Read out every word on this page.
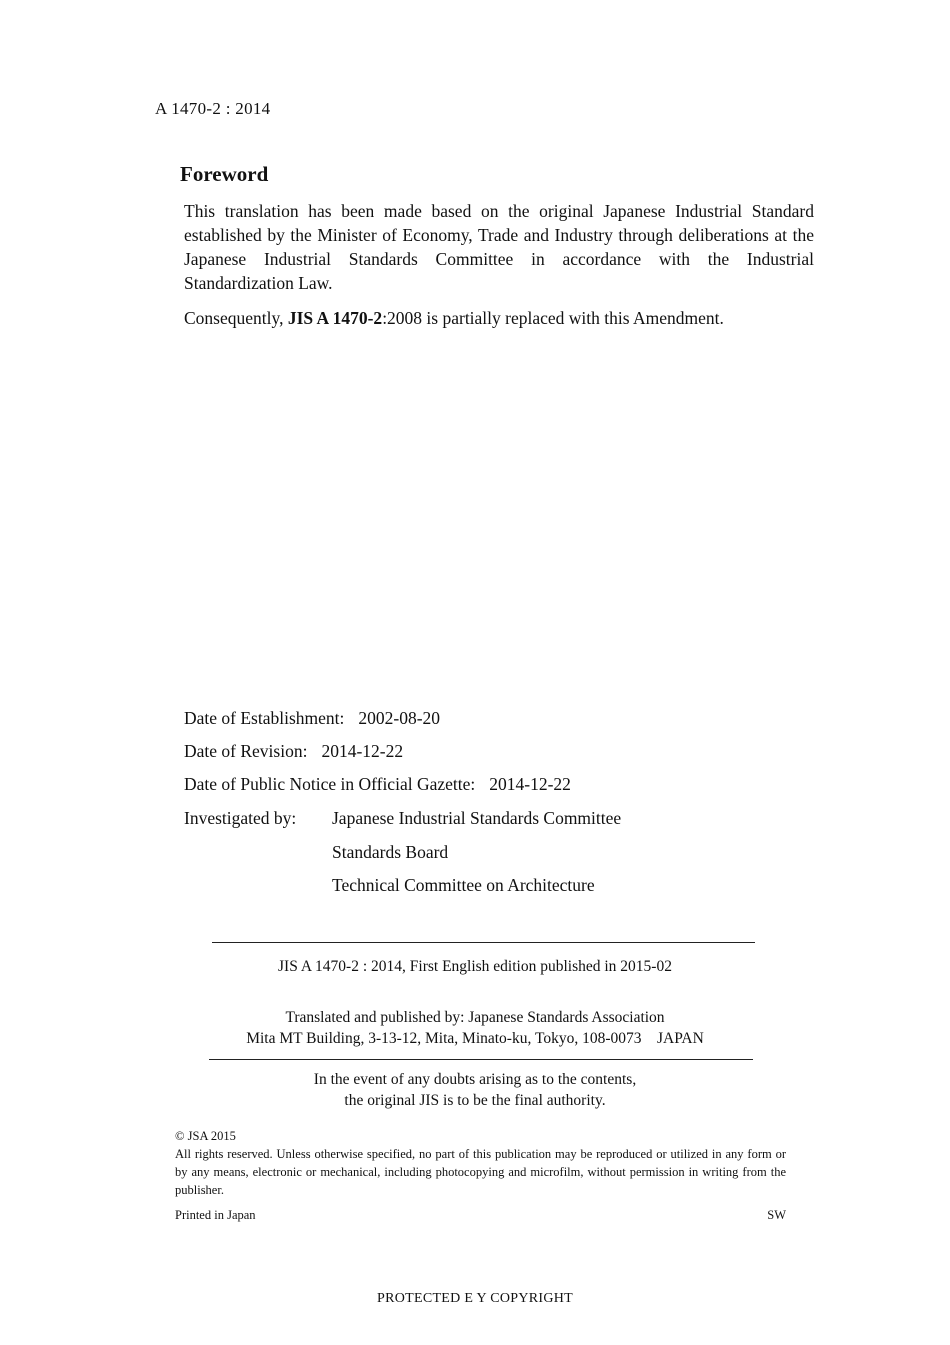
A 1470-2 : 2014
Foreword
This translation has been made based on the original Japanese Industrial Standard established by the Minister of Economy, Trade and Industry through deliberations at the Japanese Industrial Standards Committee in accordance with the Industrial Standardization Law.
Consequently, JIS A 1470-2:2008 is partially replaced with this Amendment.
Date of Establishment: 2002-08-20
Date of Revision: 2014-12-22
Date of Public Notice in Official Gazette: 2014-12-22
Investigated by: Japanese Industrial Standards Committee
Standards Board
Technical Committee on Architecture
JIS A 1470-2 : 2014, First English edition published in 2015-02
Translated and published by: Japanese Standards Association
Mita MT Building, 3-13-12, Mita, Minato-ku, Tokyo, 108-0073    JAPAN
In the event of any doubts arising as to the contents,
the original JIS is to be the final authority.
© JSA 2015
All rights reserved. Unless otherwise specified, no part of this publication may be reproduced or utilized in any form or by any means, electronic or mechanical, including photocopying and microfilm, without permission in writing from the publisher.
Printed in Japan	SW
PROTECTED E Y COPYRIGHT
